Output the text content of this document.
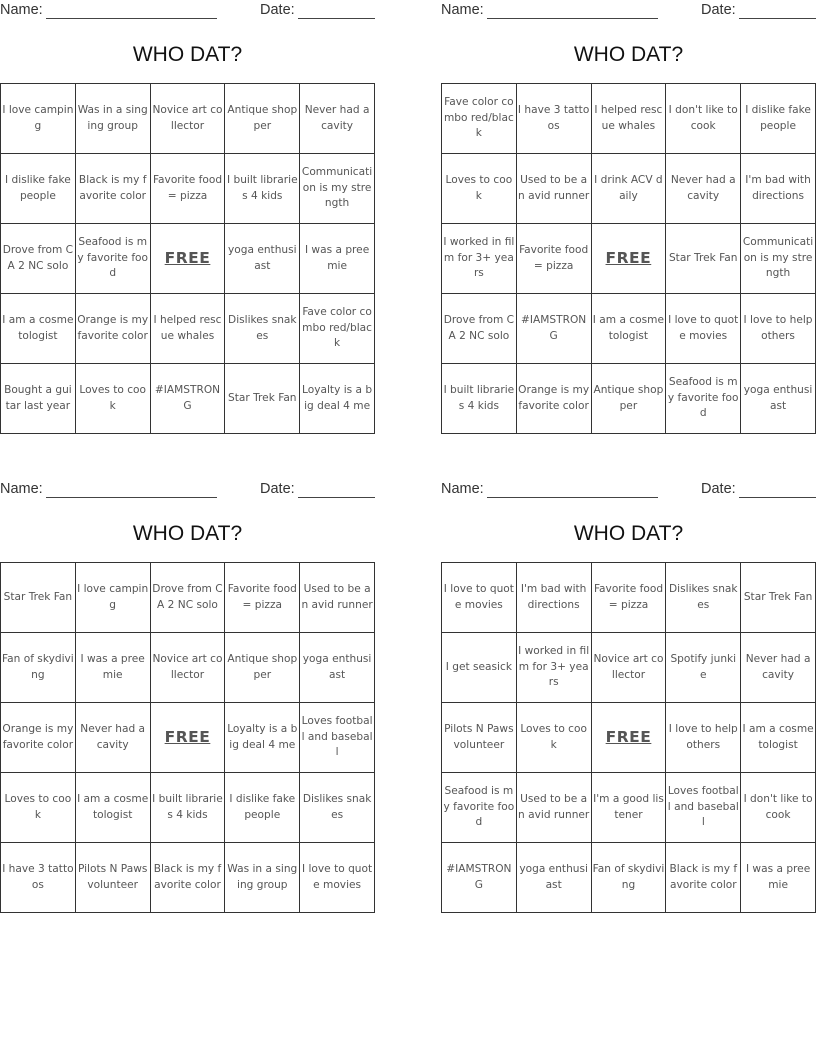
Name:	Date:
WHO DAT?
I love camping	Was in a singing group	Novice art collector	Antique shopper	Never had a cavity
I dislike fake people	Black is my favorite color	Favorite food = pizza	I built libraries 4 kids	Communication is my strength
Drove from CA 2 NC solo	Seafood is my favorite food	FREE	yoga enthusiast	I was a preemie
I am a cosmetologist	Orange is my favorite color	I helped rescue whales	Dislikes snakes	Fave color combo red/black
Bought a guitar last year	Loves to cook	#IAMSTRONG	Star Trek Fan	Loyalty is a big deal 4 me
Name:	Date:
WHO DAT?
Fave color combo red/black	I have 3 tattoos	I helped rescue whales	I don't like to cook	I dislike fake people
Loves to cook	Used to be an avid runner	I drink ACV daily	Never had a cavity	I'm bad with directions
I worked in film for 3+ years	Favorite food = pizza	FREE	Star Trek Fan	Communication is my strength
Drove from CA 2 NC solo	#IAMSTRONG	I am a cosmetologist	I love to quote movies	I love to help others
I built libraries 4 kids	Orange is my favorite color	Antique shopper	Seafood is my favorite food	yoga enthusiast
Name:	Date:
WHO DAT?
Star Trek Fan	I love camping	Drove from CA 2 NC solo	Favorite food = pizza	Used to be an avid runner
Fan of skydiving	I was a preemie	Novice art collector	Antique shopper	yoga enthusiast
Orange is my favorite color	Never had a cavity	FREE	Loyalty is a big deal 4 me	Loves football and baseball
Loves to cook	I am a cosmetologist	I built libraries 4 kids	I dislike fake people	Dislikes snakes
I have 3 tattoos	Pilots N Paws volunteer	Black is my favorite color	Was in a singing group	I love to quote movies
Name:	Date:
WHO DAT?
I love to quote movies	I'm bad with directions	Favorite food = pizza	Dislikes snakes	Star Trek Fan
I get seasick	I worked in film for 3+ years	Novice art collector	Spotify junkie	Never had a cavity
Pilots N Paws volunteer	Loves to cook	FREE	I love to help others	I am a cosmetologist
Seafood is my favorite food	Used to be an avid runner	I'm a good listener	Loves football and baseball	I don't like to cook
#IAMSTRONG	yoga enthusiast	Fan of skydiving	Black is my favorite color	I was a preemie
